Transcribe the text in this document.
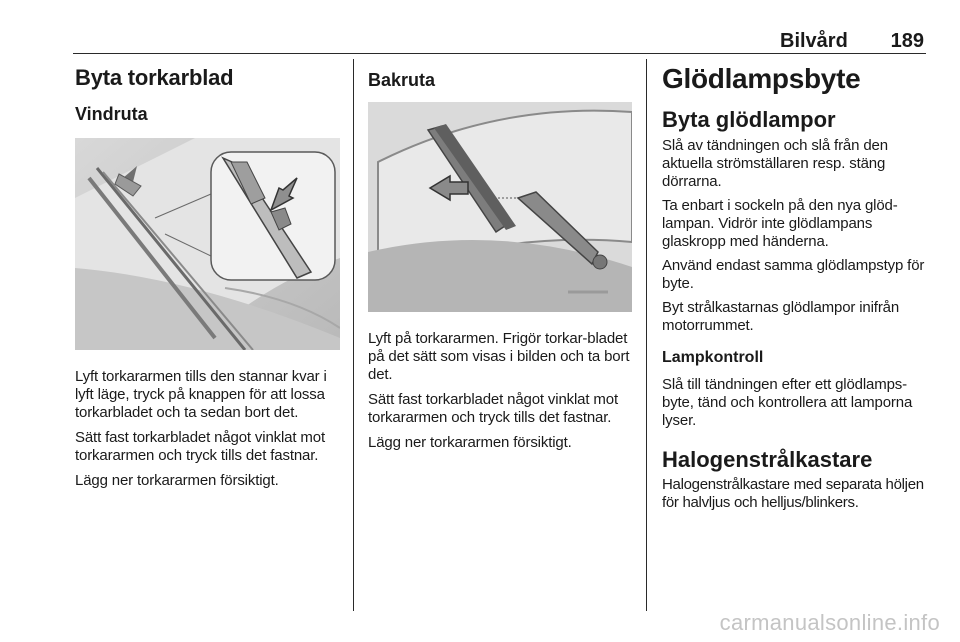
Bilvård	189
Byta torkarblad
Vindruta

Lyft torkararmen tills den stannar kvar i lyft läge, tryck på knappen för att lossa torkarbladet och ta sedan bort det.

Sätt fast torkarbladet något vinklat mot torkararmen och tryck tills det fastnar.

Lägg ner torkararmen försiktigt.

Bakruta

Lyft på torkararmen. Frigör torkar-bladet på det sätt som visas i bilden och ta bort det.

Sätt fast torkarbladet något vinklat mot torkararmen och tryck tills det fastnar.

Lägg ner torkararmen försiktigt.

Glödlampsbyte
Byta glödlampor

Slå av tändningen och slå från den aktuella strömställaren resp. stäng dörrarna.

Ta enbart i sockeln på den nya glöd-lampan. Vidrör inte glödlampans glaskropp med händerna.

Använd endast samma glödlampstyp för byte.

Byt strålkastarnas glödlampor inifrån motorrummet.

Lampkontroll

Slå till tändningen efter ett glödlamps-byte, tänd och kontrollera att lamporna lyser.

Halogenstrålkastare

Halogenstrålkastare med separata höljen för halvljus och helljus/blinkers.

carmanualsonline.info
